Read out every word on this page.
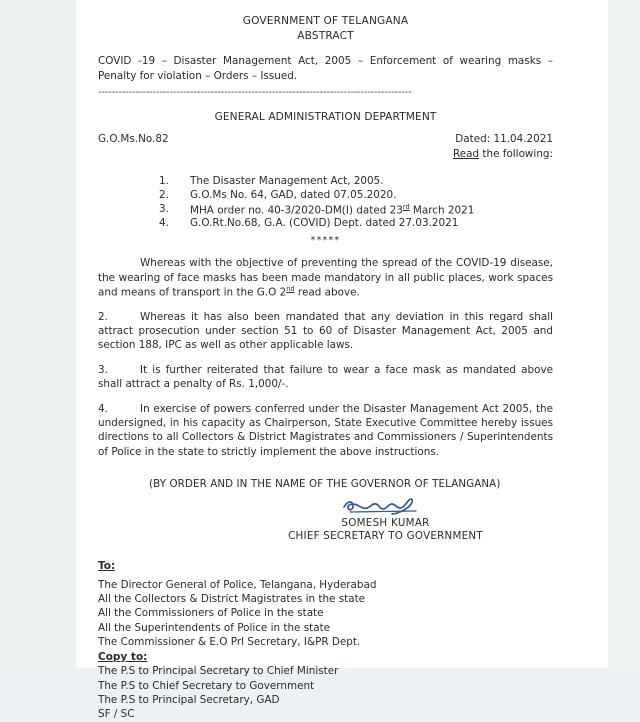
GOVERNMENT OF TELANGANA
ABSTRACT
COVID -19 – Disaster Management Act, 2005 – Enforcement of wearing masks – Penalty for violation – Orders – Issued.
--------------------------------------------------------------------------------------------
GENERAL ADMINISTRATION DEPARTMENT
G.O.Ms.No.82	Dated: 11.04.2021
Read the following:
1.	The Disaster Management Act, 2005.
2.	G.O.Ms No. 64, GAD, dated 07.05.2020.
3.	MHA order no. 40-3/2020-DM(I) dated 23rd March 2021
4.	G.O.Rt.No.68, G.A. (COVID) Dept. dated 27.03.2021
*****
Whereas with the objective of preventing the spread of the COVID-19 disease, the wearing of face masks has been made mandatory in all public places, work spaces and means of transport in the G.O 2nd read above.
2.	Whereas it has also been mandated that any deviation in this regard shall attract prosecution under section 51 to 60 of Disaster Management Act, 2005 and section 188, IPC as well as other applicable laws.
3.	It is further reiterated that failure to wear a face mask as mandated above shall attract a penalty of Rs. 1,000/-.
4.	In exercise of powers conferred under the Disaster Management Act 2005, the undersigned, in his capacity as Chairperson, State Executive Committee hereby issues directions to all Collectors & District Magistrates and Commissioners / Superintendents of Police in the state to strictly implement the above instructions.
(BY ORDER AND IN THE NAME OF THE GOVERNOR OF TELANGANA)
SOMESH KUMAR
CHIEF SECRETARY TO GOVERNMENT
To:
The Director General of Police, Telangana, Hyderabad
All the Collectors & District Magistrates in the state
All the Commissioners of Police in the state
All the Superintendents of Police in the state
The Commissioner & E.O Prl Secretary, I&PR Dept.
Copy to:
The P.S to Principal Secretary to Chief Minister
The P.S to Chief Secretary to Government
The P.S to Principal Secretary, GAD
SF / SC
